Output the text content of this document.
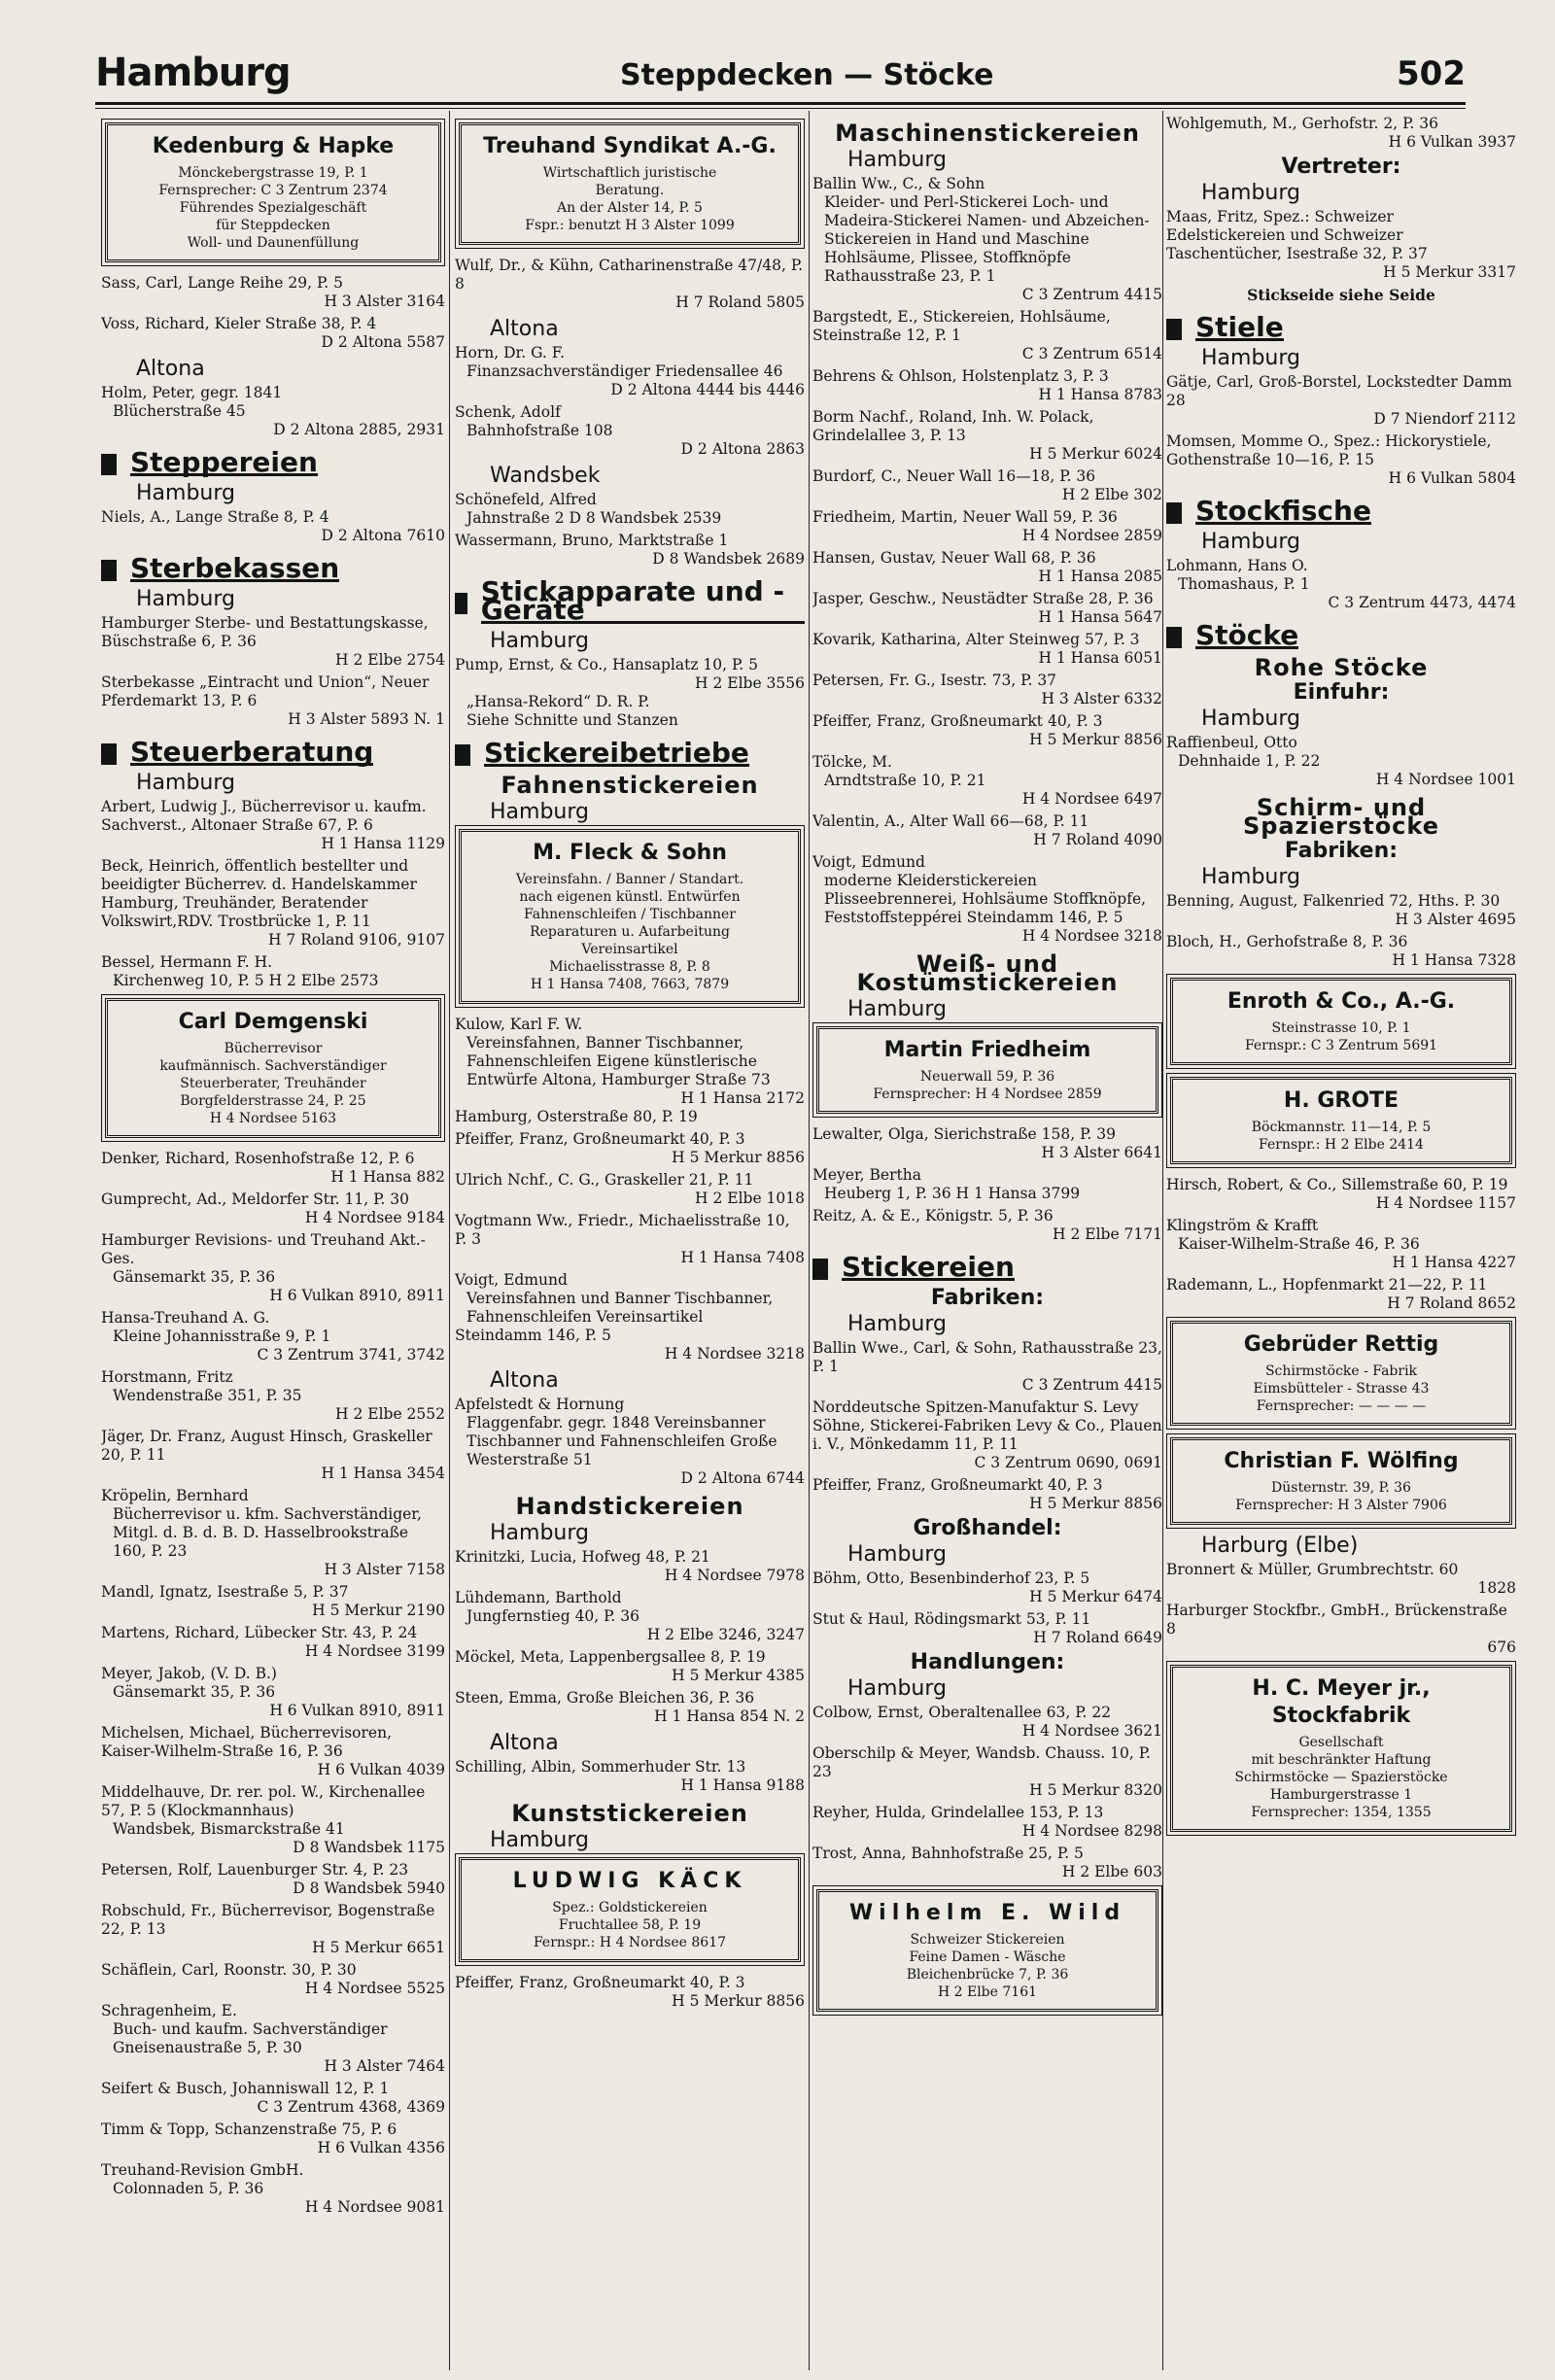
Hamburg	Steppdecken — Stöcke	502
Kedenburg & Hapke
Mönckebergstrasse 19, P. 1
Fernsprecher: C 3 Zentrum 2374
Führendes Spezialgeschäft
für Steppdecken
Woll- und Daunenfüllung
Sass, Carl, Lange Reihe 29, P. 5
H 3 Alster 3164
Voss, Richard, Kieler Straße 38, P. 4
D 2 Altona 5587
Altona
Holm, Peter, gegr. 1841
Blücherstraße 45
D 2 Altona 2885, 2931
Steppereien
Hamburg
Niels, A., Lange Straße 8, P. 4
D 2 Altona 7610
Sterbekassen
Hamburg
Hamburger Sterbe- und Bestattungskasse, Büschstraße 6, P. 36
H 2 Elbe 2754
Sterbekasse „Eintracht und Union“, Neuer Pferdemarkt 13, P. 6
H 3 Alster 5893 N. 1
Steuerberatung
Hamburg
Arbert, Ludwig J., Bücherrevisor u. kaufm. Sachverst., Altonaer Straße 67, P. 6
H 1 Hansa 1129
Beck, Heinrich, öffentlich bestellter und beeidigter Bücherrev. d. Handelskammer Hamburg, Treuhänder, Beratender Volkswirt,RDV. Trostbrücke 1, P. 11
H 7 Roland 9106, 9107
Bessel, Hermann F. H.
Kirchenweg 10, P. 5 H 2 Elbe 2573
Carl Demgenski
Bücherrevisor
kaufmännisch. Sachverständiger
Steuerberater, Treuhänder
Borgfelderstrasse 24, P. 25
H 4 Nordsee 5163
Denker, Richard, Rosenhofstraße 12, P. 6
H 1 Hansa 882
Gumprecht, Ad., Meldorfer Str. 11, P. 30
H 4 Nordsee 9184
Hamburger Revisions- und Treuhand Akt.-Ges.
Gänsemarkt 35, P. 36
H 6 Vulkan 8910, 8911
Hansa-Treuhand A. G.
Kleine Johannisstraße 9, P. 1
C 3 Zentrum 3741, 3742
Horstmann, Fritz
Wendenstraße 351, P. 35
H 2 Elbe 2552
Jäger, Dr. Franz, August Hinsch, Graskeller 20, P. 11
H 1 Hansa 3454
Kröpelin, Bernhard
Bücherrevisor u. kfm. Sachverständiger, Mitgl. d. B. d. B. D. Hasselbrookstraße 160, P. 23
H 3 Alster 7158
Mandl, Ignatz, Isestraße 5, P. 37
H 5 Merkur 2190
Martens, Richard, Lübecker Str. 43, P. 24
H 4 Nordsee 3199
Meyer, Jakob, (V. D. B.)
Gänsemarkt 35, P. 36
H 6 Vulkan 8910, 8911
Michelsen, Michael, Bücherrevisoren, Kaiser-Wilhelm-Straße 16, P. 36
H 6 Vulkan 4039
Middelhauve, Dr. rer. pol. W., Kirchenallee 57, P. 5 (Klockmannhaus)
Wandsbek, Bismarckstraße 41
D 8 Wandsbek 1175
Petersen, Rolf, Lauenburger Str. 4, P. 23
D 8 Wandsbek 5940
Robschuld, Fr., Bücherrevisor, Bogenstraße 22, P. 13
H 5 Merkur 6651
Schäflein, Carl, Roonstr. 30, P. 30
H 4 Nordsee 5525
Schragenheim, E.
Buch- und kaufm. Sachverständiger Gneisenaustraße 5, P. 30
H 3 Alster 7464
Seifert & Busch, Johanniswall 12, P. 1
C 3 Zentrum 4368, 4369
Timm & Topp, Schanzenstraße 75, P. 6
H 6 Vulkan 4356
Treuhand-Revision GmbH.
Colonnaden 5, P. 36
H 4 Nordsee 9081
Treuhand Syndikat A.-G.
Wirtschaftlich juristische
Beratung.
An der Alster 14, P. 5
Fspr.: benutzt H 3 Alster 1099
Wulf, Dr., & Kühn, Catharinenstraße 47/48, P. 8
H 7 Roland 5805
Altona
Horn, Dr. G. F.
Finanzsachverständiger Friedensallee 46
D 2 Altona 4444 bis 4446
Schenk, Adolf
Bahnhofstraße 108
D 2 Altona 2863
Wandsbek
Schönefeld, Alfred
Jahnstraße 2 D 8 Wandsbek 2539
Wassermann, Bruno, Marktstraße 1
D 8 Wandsbek 2689
Stickapparate und -Geräte
Hamburg
Pump, Ernst, & Co., Hansaplatz 10, P. 5
H 2 Elbe 3556
„Hansa-Rekord“ D. R. P.
Siehe Schnitte und Stanzen
Stickereibetriebe
Fahnenstickereien
Hamburg
M. Fleck & Sohn
Vereinsfahn. / Banner / Standart.
nach eigenen künstl. Entwürfen
Fahnenschleifen / Tischbanner
Reparaturen u. Aufarbeitung
Vereinsartikel
Michaelisstrasse 8, P. 8
H 1 Hansa 7408, 7663, 7879
Kulow, Karl F. W.
Vereinsfahnen, Banner Tischbanner, Fahnenschleifen Eigene künstlerische Entwürfe Altona, Hamburger Straße 73
H 1 Hansa 2172
Hamburg, Osterstraße 80, P. 19
Pfeiffer, Franz, Großneumarkt 40, P. 3
H 5 Merkur 8856
Ulrich Nchf., C. G., Graskeller 21, P. 11
H 2 Elbe 1018
Vogtmann Ww., Friedr., Michaelisstraße 10, P. 3
H 1 Hansa 7408
Voigt, Edmund
Vereinsfahnen und Banner Tischbanner, Fahnenschleifen Vereinsartikel
Steindamm 146, P. 5
H 4 Nordsee 3218
Altona
Apfelstedt & Hornung
Flaggenfabr. gegr. 1848 Vereinsbanner Tischbanner und Fahnenschleifen Große Westerstraße 51
D 2 Altona 6744
Handstickereien
Hamburg
Krinitzki, Lucia, Hofweg 48, P. 21
H 4 Nordsee 7978
Lühdemann, Barthold
Jungfernstieg 40, P. 36
H 2 Elbe 3246, 3247
Möckel, Meta, Lappenbergsallee 8, P. 19
H 5 Merkur 4385
Steen, Emma, Große Bleichen 36, P. 36
H 1 Hansa 854 N. 2
Altona
Schilling, Albin, Sommerhuder Str. 13
H 1 Hansa 9188
Kunststickereien
Hamburg
LUDWIG KÄCK
Spez.: Goldstickereien
Fruchtallee 58, P. 19
Fernspr.: H 4 Nordsee 8617
Pfeiffer, Franz, Großneumarkt 40, P. 3
H 5 Merkur 8856
Maschinenstickereien
Hamburg
Ballin Ww., C., & Sohn
Kleider- und Perl-Stickerei Loch- und Madeira-Stickerei Namen- und Abzeichen-Stickereien in Hand und Maschine Hohlsäume, Plissee, Stoffknöpfe Rathausstraße 23, P. 1
C 3 Zentrum 4415
Bargstedt, E., Stickereien, Hohlsäume, Steinstraße 12, P. 1
C 3 Zentrum 6514
Behrens & Ohlson, Holstenplatz 3, P. 3
H 1 Hansa 8783
Borm Nachf., Roland, Inh. W. Polack, Grindelallee 3, P. 13
H 5 Merkur 6024
Burdorf, C., Neuer Wall 16—18, P. 36
H 2 Elbe 302
Friedheim, Martin, Neuer Wall 59, P. 36
H 4 Nordsee 2859
Hansen, Gustav, Neuer Wall 68, P. 36
H 1 Hansa 2085
Jasper, Geschw., Neustädter Straße 28, P. 36
H 1 Hansa 5647
Kovarik, Katharina, Alter Steinweg 57, P. 3
H 1 Hansa 6051
Petersen, Fr. G., Isestr. 73, P. 37
H 3 Alster 6332
Pfeiffer, Franz, Großneumarkt 40, P. 3
H 5 Merkur 8856
Tölcke, M.
Arndtstraße 10, P. 21
H 4 Nordsee 6497
Valentin, A., Alter Wall 66—68, P. 11
H 7 Roland 4090
Voigt, Edmund
moderne Kleiderstickereien Plisseebrennerei, Hohlsäume Stoffknöpfe, Feststoffsteppérei Steindamm 146, P. 5
H 4 Nordsee 3218
Weiß- und Kostümstickereien
Hamburg
Martin Friedheim
Neuerwall 59, P. 36
Fernsprecher: H 4 Nordsee 2859
Lewalter, Olga, Sierichstraße 158, P. 39
H 3 Alster 6641
Meyer, Bertha
Heuberg 1, P. 36 H 1 Hansa 3799
Reitz, A. & E., Königstr. 5, P. 36
H 2 Elbe 7171
Stickereien
Fabriken:
Hamburg
Ballin Wwe., Carl, & Sohn, Rathausstraße 23, P. 1
C 3 Zentrum 4415
Norddeutsche Spitzen-Manufaktur S. Levy Söhne, Stickerei-Fabriken Levy & Co., Plauen i. V., Mönkedamm 11, P. 11
C 3 Zentrum 0690, 0691
Pfeiffer, Franz, Großneumarkt 40, P. 3
H 5 Merkur 8856
Großhandel:
Hamburg
Böhm, Otto, Besenbinderhof 23, P. 5
H 5 Merkur 6474
Stut & Haul, Rödingsmarkt 53, P. 11
H 7 Roland 6649
Handlungen:
Hamburg
Colbow, Ernst, Oberaltenallee 63, P. 22
H 4 Nordsee 3621
Oberschilp & Meyer, Wandsb. Chauss. 10, P. 23
H 5 Merkur 8320
Reyher, Hulda, Grindelallee 153, P. 13
H 4 Nordsee 8298
Trost, Anna, Bahnhofstraße 25, P. 5
H 2 Elbe 603
Wilhelm E. Wild
Schweizer Stickereien
Feine Damen - Wäsche
Bleichenbrücke 7, P. 36
H 2 Elbe 7161
Wohlgemuth, M., Gerhofstr. 2, P. 36
H 6 Vulkan 3937
Vertreter:
Hamburg
Maas, Fritz, Spez.: Schweizer Edelstickereien und Schweizer Taschentücher, Isestraße 32, P. 37
H 5 Merkur 3317
Stickseide siehe Seide
Stiele
Hamburg
Gätje, Carl, Groß-Borstel, Lockstedter Damm 28
D 7 Niendorf 2112
Momsen, Momme O., Spez.: Hickorystiele, Gothenstraße 10—16, P. 15
H 6 Vulkan 5804
Stockfische
Hamburg
Lohmann, Hans O.
Thomashaus, P. 1
C 3 Zentrum 4473, 4474
Stöcke
Rohe Stöcke
Einfuhr:
Hamburg
Raffienbeul, Otto
Dehnhaide 1, P. 22
H 4 Nordsee 1001
Schirm- und Spazierstöcke
Fabriken:
Hamburg
Benning, August, Falkenried 72, Hths. P. 30
H 3 Alster 4695
Bloch, H., Gerhofstraße 8, P. 36
H 1 Hansa 7328
Enroth & Co., A.-G.
Steinstrasse 10, P. 1
Fernspr.: C 3 Zentrum 5691
H. GROTE
Böckmannstr. 11—14, P. 5
Fernspr.: H 2 Elbe 2414
Hirsch, Robert, & Co., Sillemstraße 60, P. 19
H 4 Nordsee 1157
Klingström & Krafft
Kaiser-Wilhelm-Straße 46, P. 36
H 1 Hansa 4227
Rademann, L., Hopfenmarkt 21—22, P. 11
H 7 Roland 8652
Gebrüder Rettig
Schirmstöcke - Fabrik
Eimsbütteler - Strasse 43
Fernsprecher: — — — —
Christian F. Wölfing
Düsternstr. 39, P. 36
Fernsprecher: H 3 Alster 7906
Harburg (Elbe)
Bronnert & Müller, Grumbrechtstr. 60
1828
Harburger Stockfbr., GmbH., Brückenstraße 8
676
H. C. Meyer jr., Stockfabrik
Gesellschaft
mit beschränkter Haftung
Schirmstöcke — Spazierstöcke
Hamburgerstrasse 1
Fernsprecher: 1354, 1355
